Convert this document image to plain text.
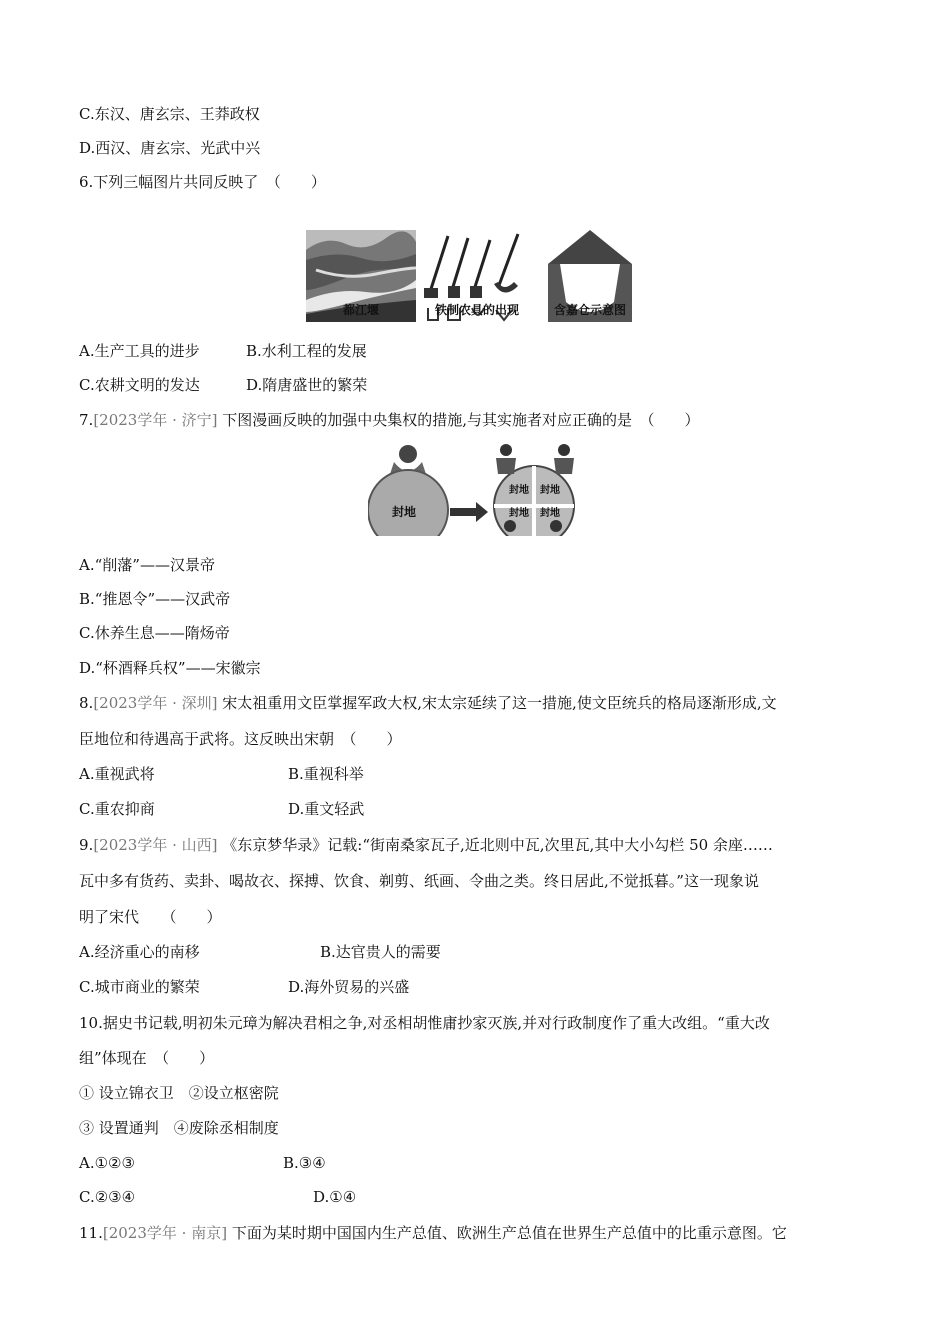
C.东汉、唐玄宗、王莽政权
D.西汉、唐玄宗、光武中兴
6.下列三幅图片共同反映了　（　　）
都江堰	铁制农具的出现	含嘉仓示意图
A.生产工具的进步	B.水利工程的发展
C.农耕文明的发达	D.隋唐盛世的繁荣
7.[2023学年 · 济宁] 下图漫画反映的加强中央集权的措施,与其实施者对应正确的是　（　　）
封地
封地 封地
封地 封地
A.“削藩”——汉景帝
B.“推恩令”——汉武帝
C.休养生息——隋炀帝
D.“杯酒释兵权”——宋徽宗
8.[2023学年 · 深圳] 宋太祖重用文臣掌握军政大权,宋太宗延续了这一措施,使文臣统兵的格局逐渐形成,文
臣地位和待遇高于武将。这反映出宋朝　（　　）
A.重视武将	B.重视科举
C.重农抑商	D.重文轻武
9.[2023学年 · 山西] 《东京梦华录》记载:“街南桑家瓦子,近北则中瓦,次里瓦,其中大小勾栏 50 余座……
瓦中多有货药、卖卦、喝故衣、探搏、饮食、剃剪、纸画、令曲之类。终日居此,不觉抵暮。”这一现象说
明了宋代　　（　　）
A.经济重心的南移	B.达官贵人的需要
C.城市商业的繁荣	D.海外贸易的兴盛
10.据史书记载,明初朱元璋为解决君相之争,对丞相胡惟庸抄家灭族,并对行政制度作了重大改组。“重大改
组”体现在　（　　）
① 设立锦衣卫　②设立枢密院
③ 设置通判　④废除丞相制度
A.①②③	B.③④
C.②③④	D.①④
11.[2023学年 · 南京] 下面为某时期中国国内生产总值、欧洲生产总值在世界生产总值中的比重示意图。它
